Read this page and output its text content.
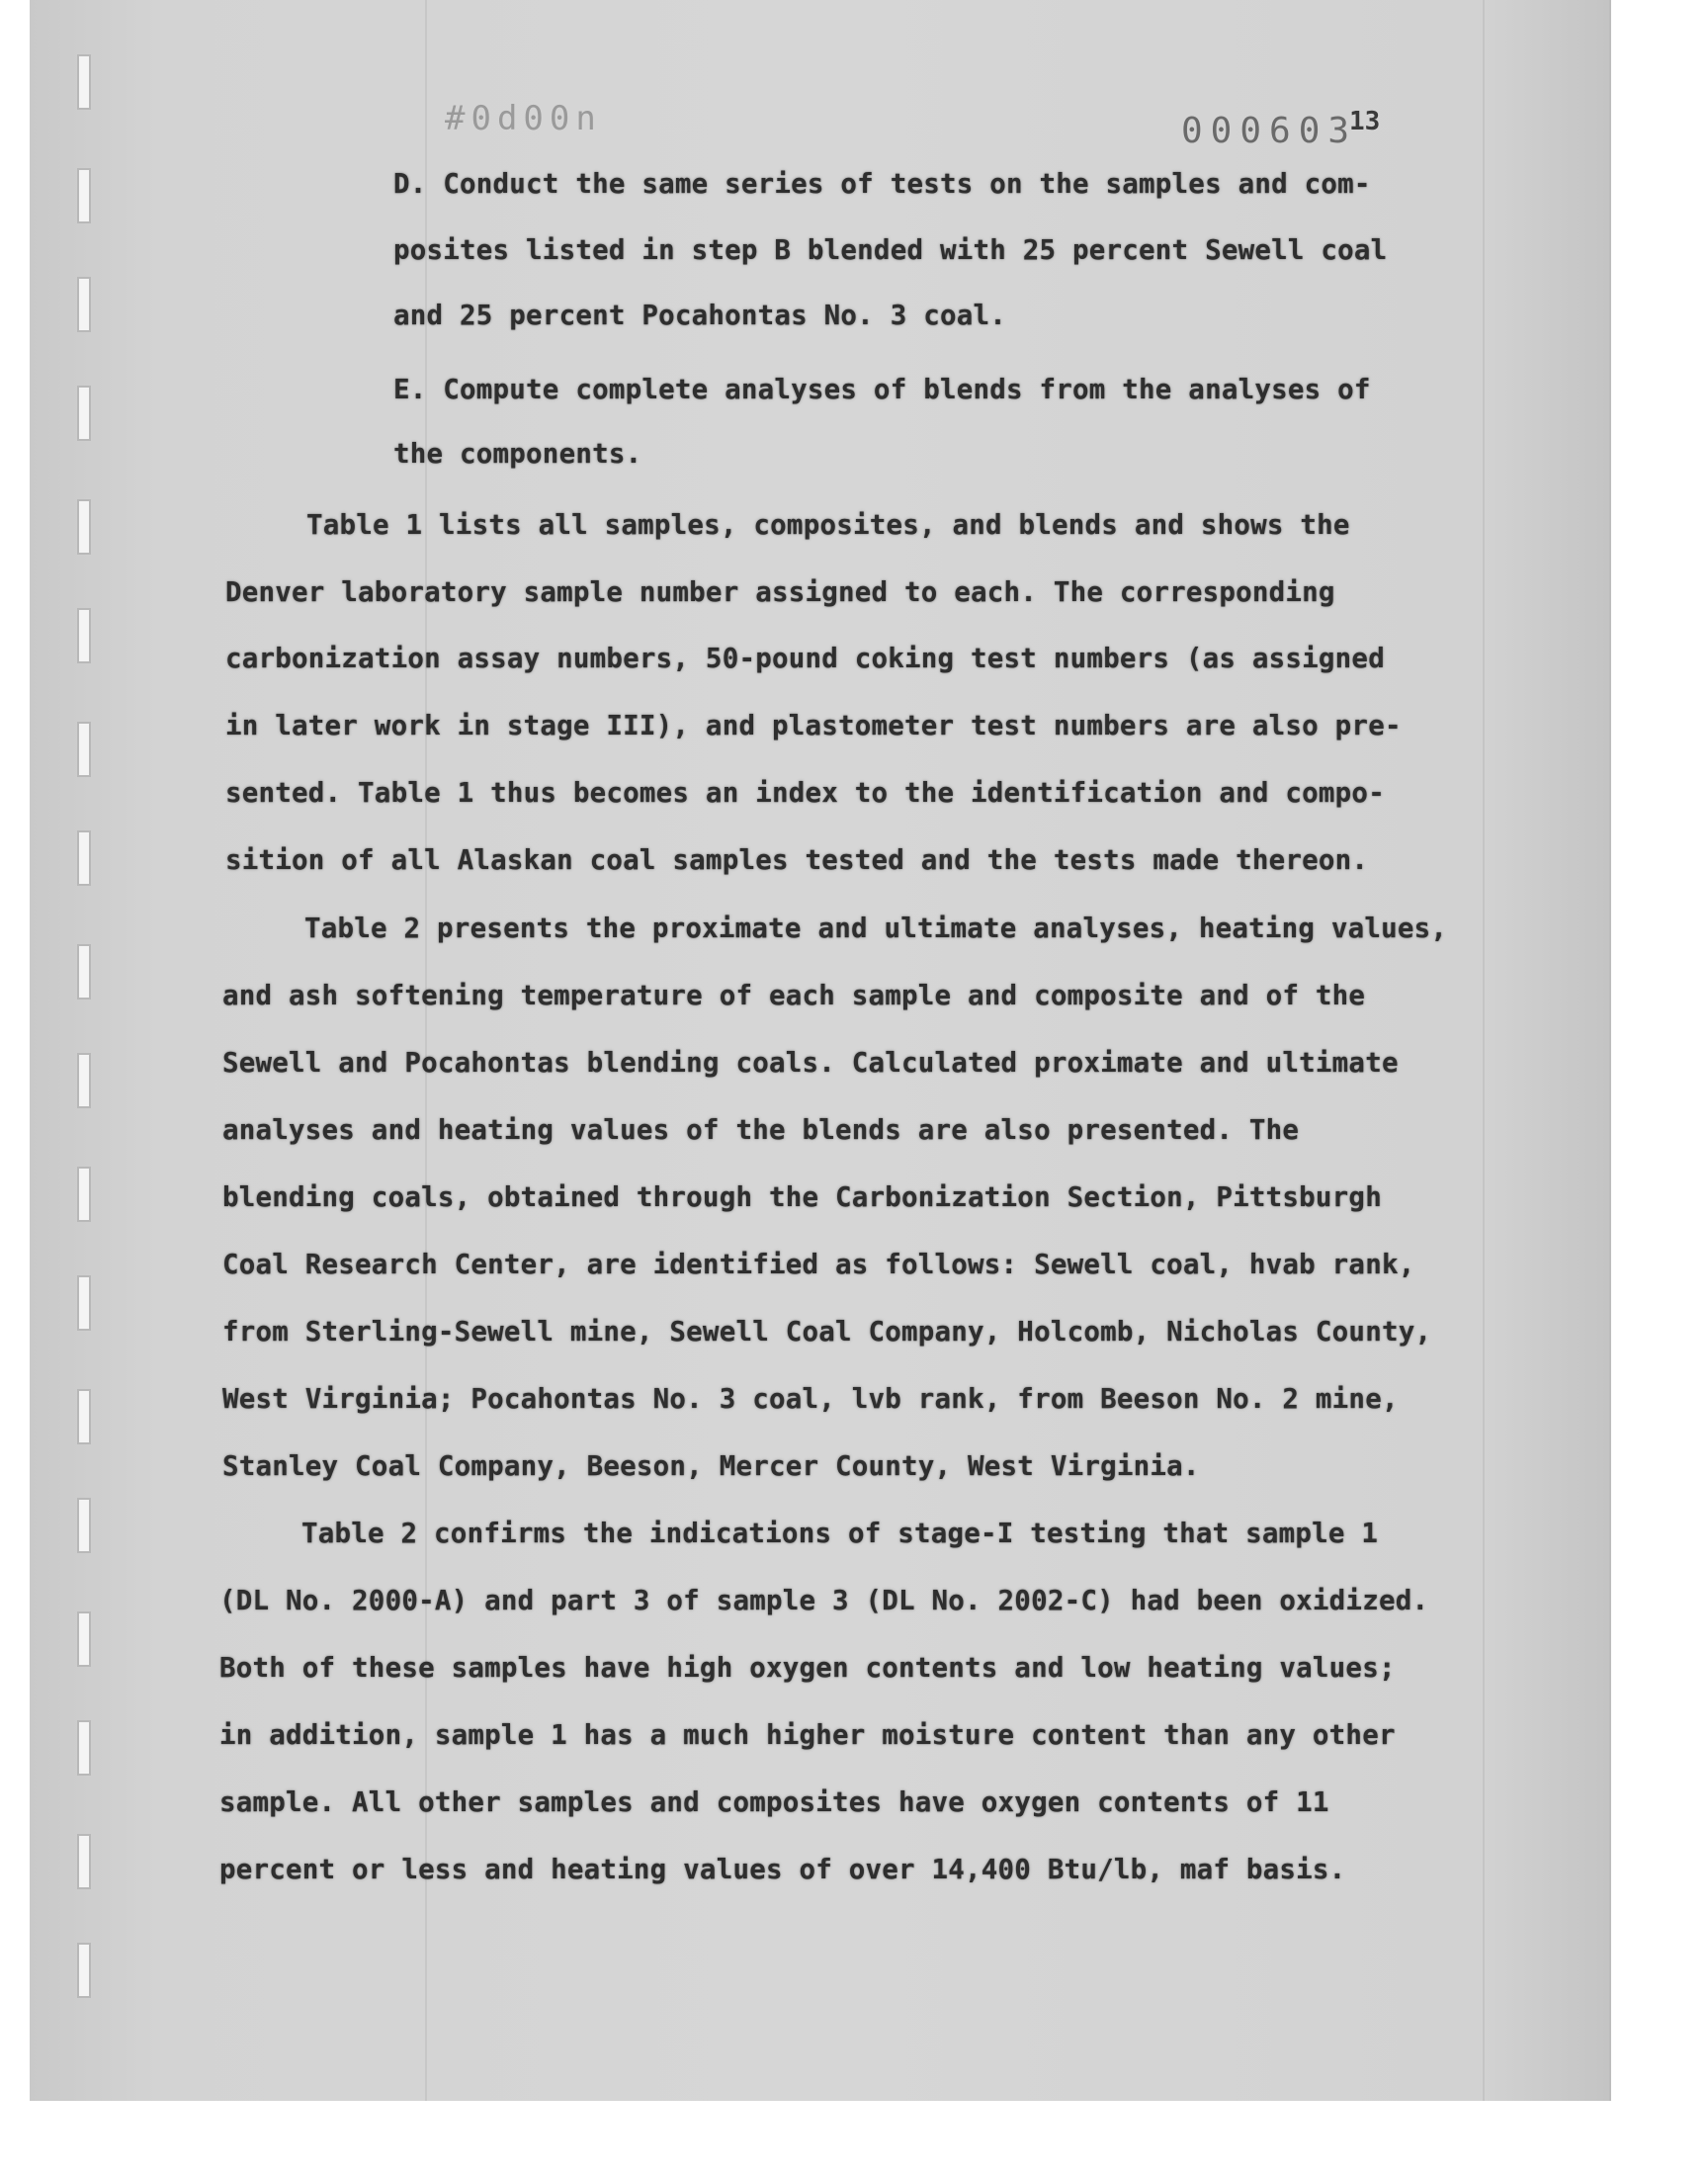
#0d00n	000603
13
D. Conduct the same series of tests on the samples and com-
posites listed in step B blended with 25 percent Sewell coal
and 25 percent Pocahontas No. 3 coal.
E. Compute complete analyses of blends from the analyses of
the components.
Table 1 lists all samples, composites, and blends and shows the
Denver laboratory sample number assigned to each. The corresponding
carbonization assay numbers, 50-pound coking test numbers (as assigned
in later work in stage III), and plastometer test numbers are also pre-
sented. Table 1 thus becomes an index to the identification and compo-
sition of all Alaskan coal samples tested and the tests made thereon.
Table 2 presents the proximate and ultimate analyses, heating values,
and ash softening temperature of each sample and composite and of the
Sewell and Pocahontas blending coals. Calculated proximate and ultimate
analyses and heating values of the blends are also presented. The
blending coals, obtained through the Carbonization Section, Pittsburgh
Coal Research Center, are identified as follows: Sewell coal, hvab rank,
from Sterling-Sewell mine, Sewell Coal Company, Holcomb, Nicholas County,
West Virginia; Pocahontas No. 3 coal, lvb rank, from Beeson No. 2 mine,
Stanley Coal Company, Beeson, Mercer County, West Virginia.
Table 2 confirms the indications of stage-I testing that sample 1
(DL No. 2000-A) and part 3 of sample 3 (DL No. 2002-C) had been oxidized.
Both of these samples have high oxygen contents and low heating values;
in addition, sample 1 has a much higher moisture content than any other
sample. All other samples and composites have oxygen contents of 11
percent or less and heating values of over 14,400 Btu/lb, maf basis.
